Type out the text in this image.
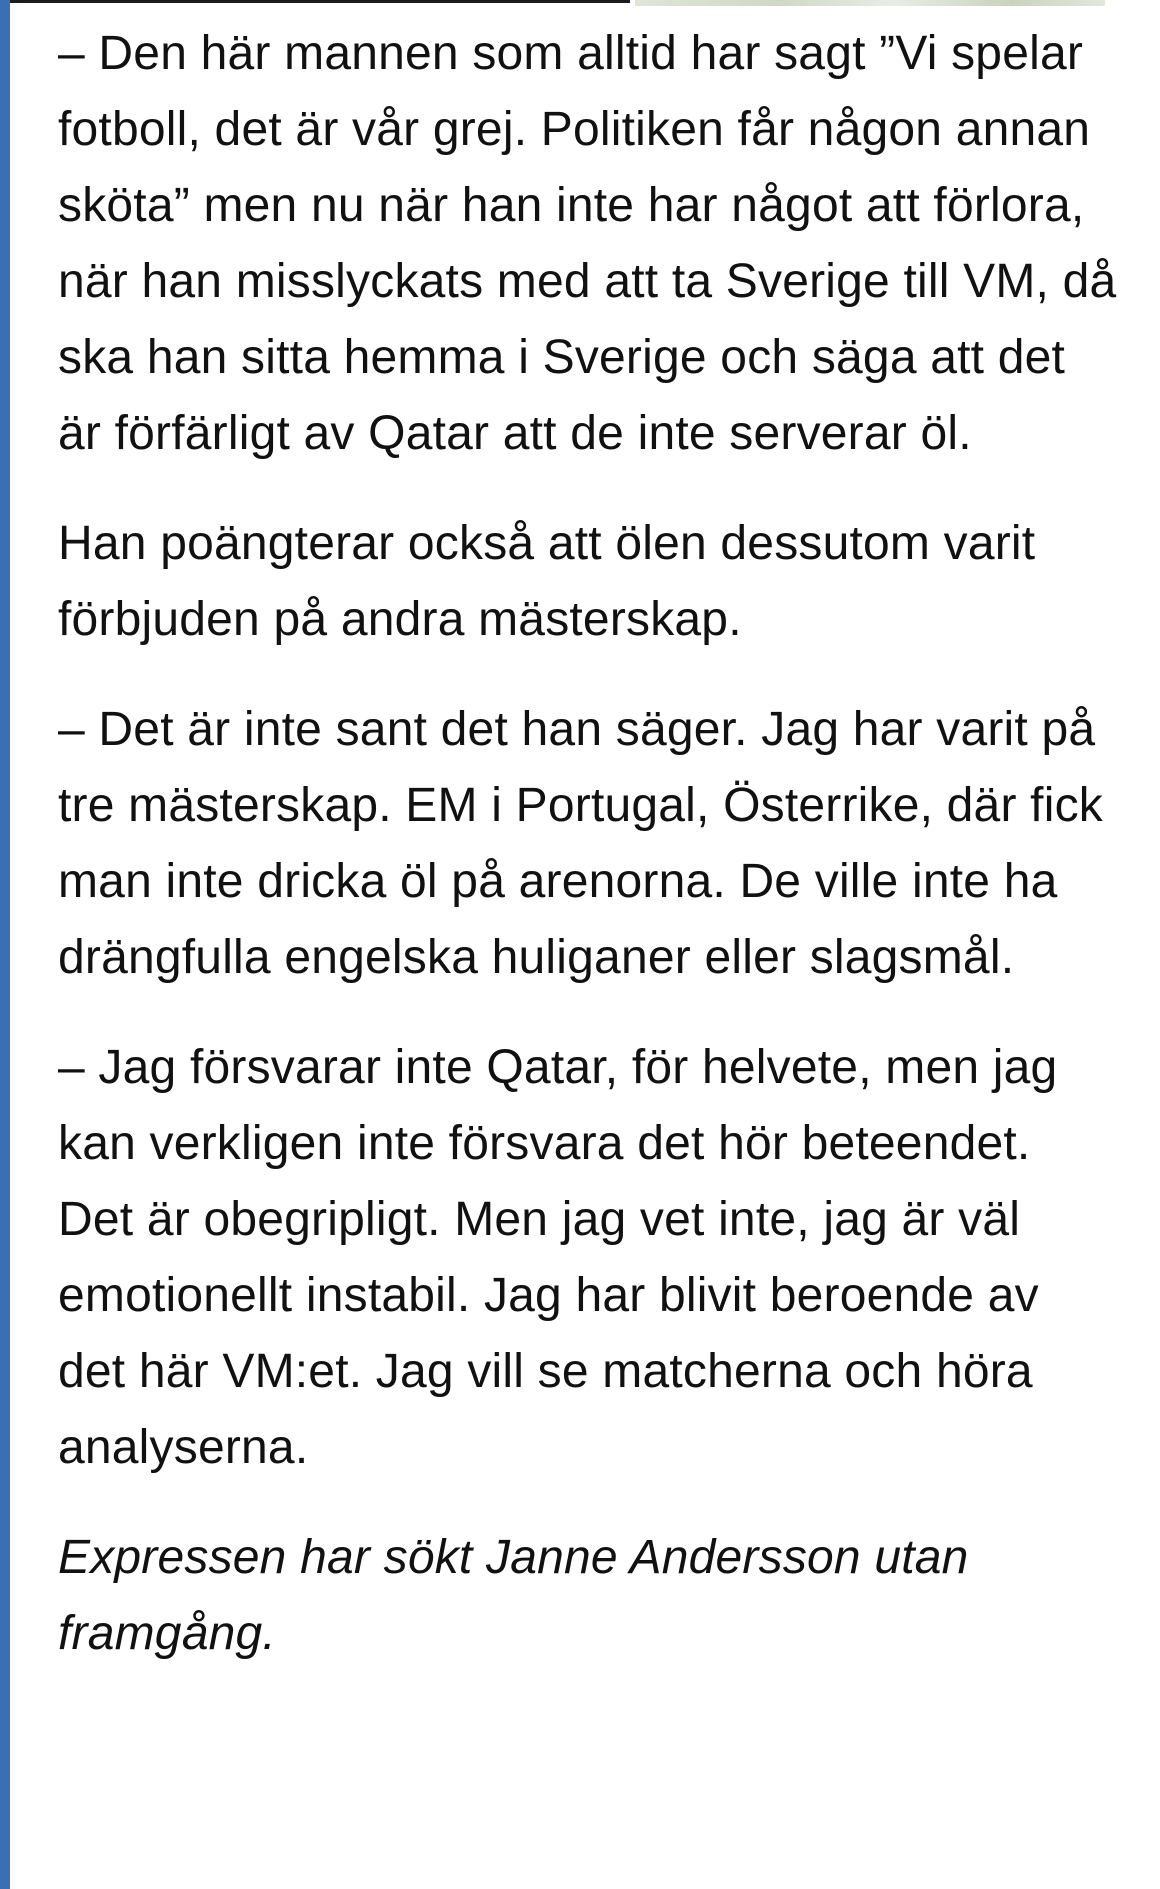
– Den här mannen som alltid har sagt ”Vi spelar fotboll, det är vår grej. Politiken får någon annan sköta” men nu när han inte har något att förlora, när han misslyckats med att ta Sverige till VM, då ska han sitta hemma i Sverige och säga att det är förfärligt av Qatar att de inte serverar öl.

Han poängterar också att ölen dessutom varit förbjuden på andra mästerskap.

– Det är inte sant det han säger. Jag har varit på tre mästerskap. EM i Portugal, Österrike, där fick man inte dricka öl på arenorna. De ville inte ha drängfulla engelska huliganer eller slagsmål.

– Jag försvarar inte Qatar, för helvete, men jag kan verkligen inte försvara det hör beteendet. Det är obegripligt. Men jag vet inte, jag är väl emotionellt instabil. Jag har blivit beroende av det här VM:et. Jag vill se matcherna och höra analyserna.

Expressen har sökt Janne Andersson utan framgång.
